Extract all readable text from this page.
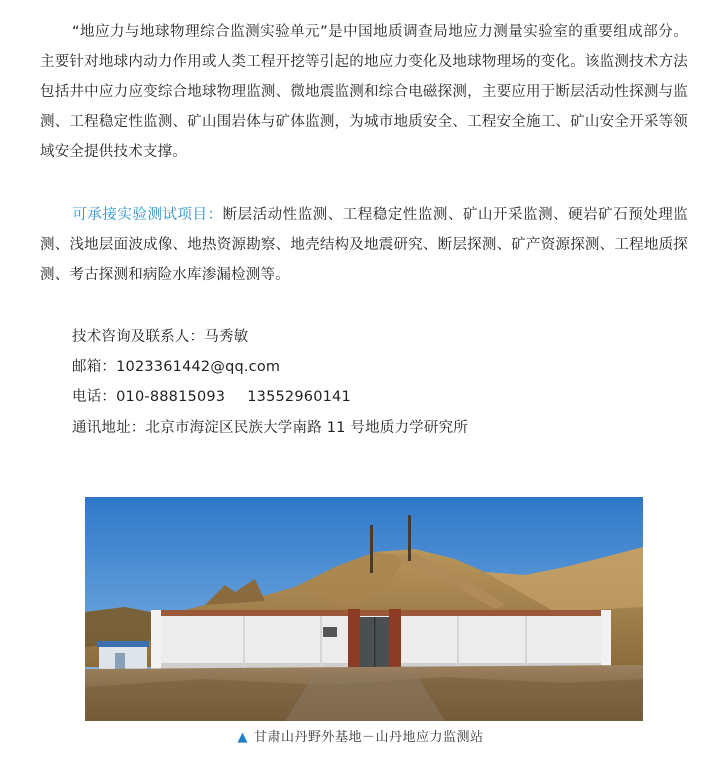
“地应力与地球物理综合监测实验单元”是中国地质调查局地应力测量实验室的重要组成部分。主要针对地球内动力作用或人类工程开挖等引起的地应力变化及地球物理场的变化。该监测技术方法包括井中应力应变综合地球物理监测、微地震监测和综合电磁探测，主要应用于断层活动性探测与监测、工程稳定性监测、矿山围岩体与矿体监测，为城市地质安全、工程安全施工、矿山安全开采等领域安全提供技术支撑。

可承接实验测试项目：断层活动性监测、工程稳定性监测、矿山开采监测、硬岩矿石预处理监测、浅地层面波成像、地热资源勘察、地壳结构及地震研究、断层探测、矿产资源探测、工程地质探测、考古探测和病险水库渗漏检测等。

技术咨询及联系人：马秀敏
邮箱：1023361442@qq.com
电话：010-88815093 13552960141
通讯地址：北京市海淀区民族大学南路 11 号地质力学研究所
▲ 甘肃山丹野外基地－山丹地应力监测站
